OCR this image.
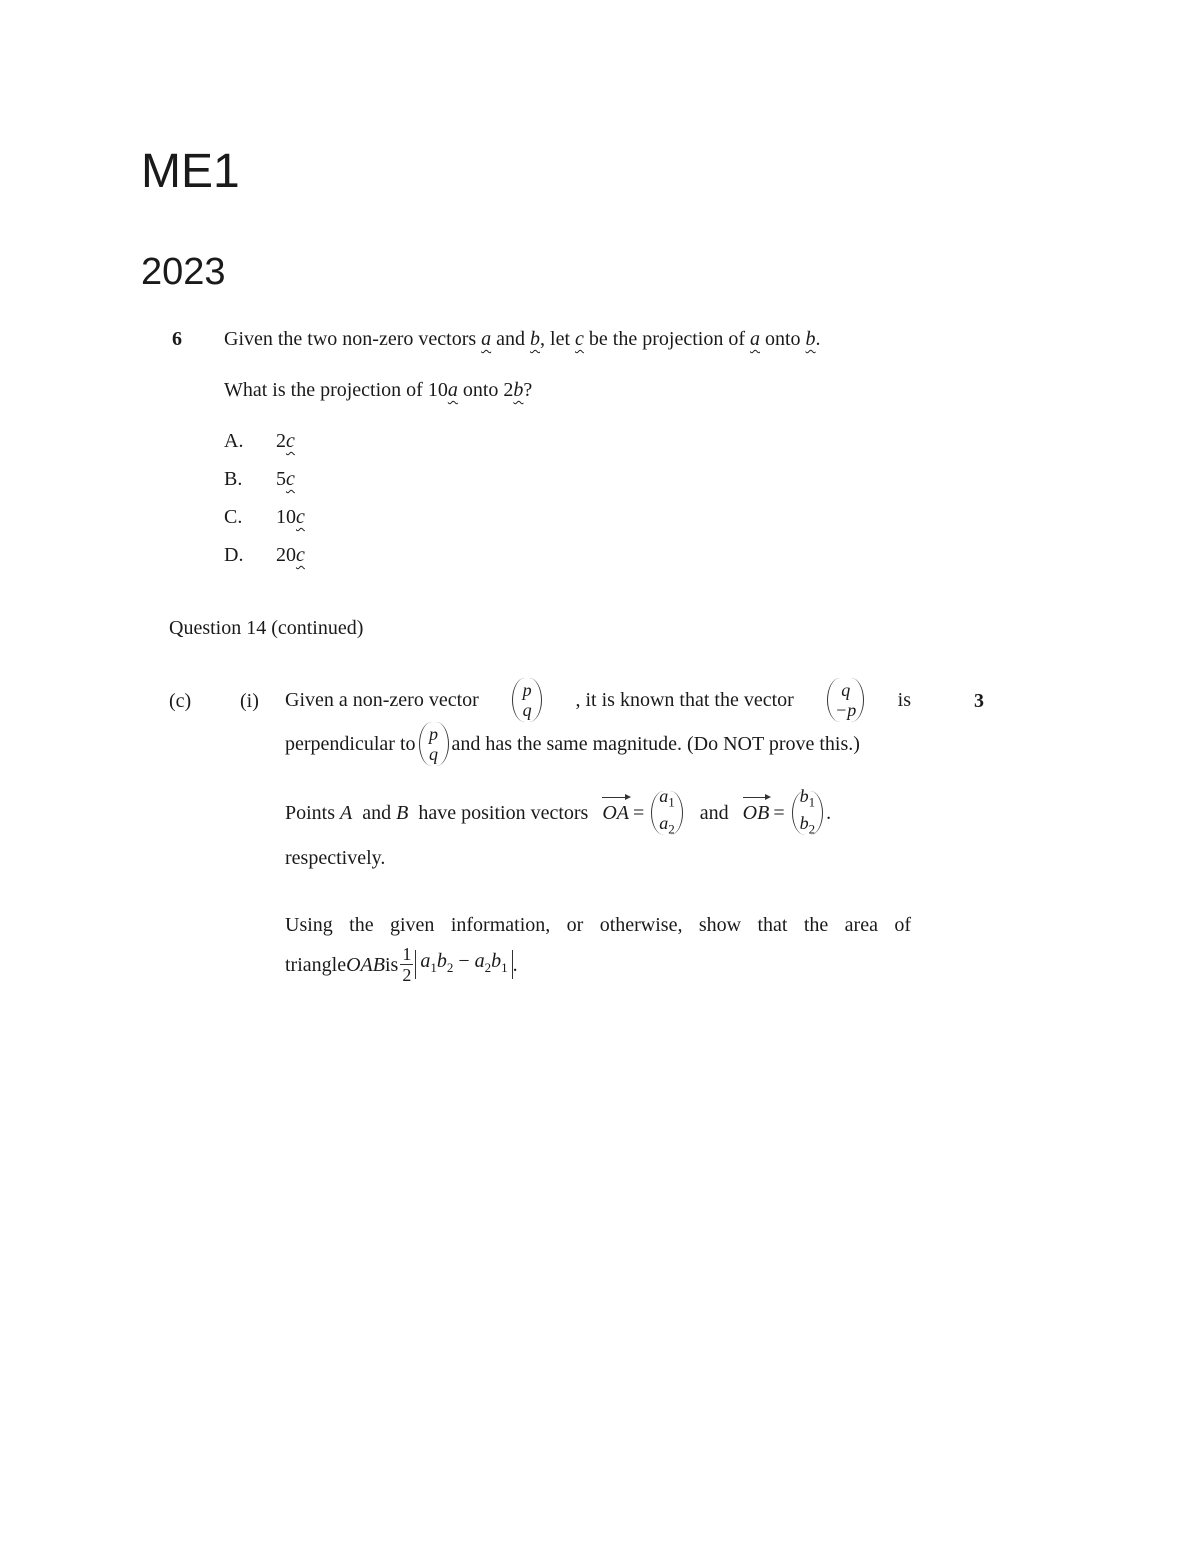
ME1
2023
6 Given the two non-zero vectors a and b, let c be the projection of a onto b.
What is the projection of 10a onto 2b?
A. 2c
B. 5c
C. 10c
D. 20c
Question 14 (continued)
(c) (i)	3
Given a non-zero vector p
q , it is known that the vector	q
−p is
perpendicular to p
q and has the same magnitude. (Do NOT prove this.)
Points
A
and
B
have position vectors OA =
$a_1$
$a_2$
and OB =
$b_1$
$b_2$
.
respectively.
Using the given information, or otherwise, show that the area of
triangle OAB is $\frac{1}{2} a_1b_2 - a_2b_1$ .
